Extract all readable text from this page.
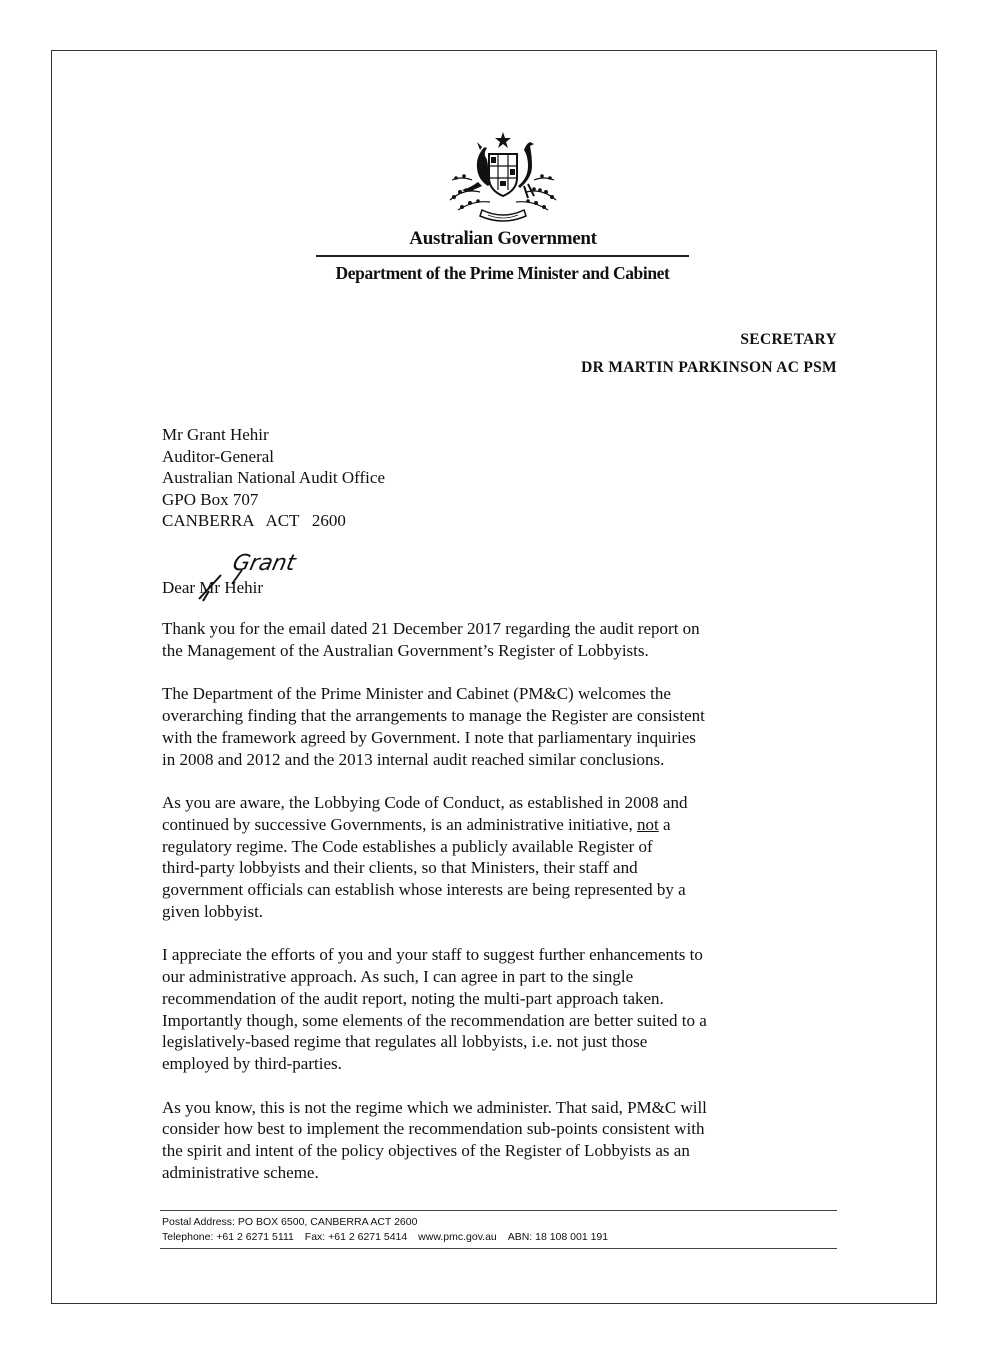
Australian Government
Department of the Prime Minister and Cabinet
SECRETARY
DR MARTIN PARKINSON AC PSM
Mr Grant Hehir
Auditor-General
Australian National Audit Office
GPO Box 707
CANBERRA   ACT   2600
Grant
Dear Mr Hehir
Thank you for the email dated 21 December 2017 regarding the audit report on
the Management of the Australian Government’s Register of Lobbyists.
The Department of the Prime Minister and Cabinet (PM&C) welcomes the
overarching finding that the arrangements to manage the Register are consistent
with the framework agreed by Government. I note that parliamentary inquiries
in 2008 and 2012 and the 2013 internal audit reached similar conclusions.
As you are aware, the Lobbying Code of Conduct, as established in 2008 and
continued by successive Governments, is an administrative initiative, not a
regulatory regime. The Code establishes a publicly available Register of
third-party lobbyists and their clients, so that Ministers, their staff and
government officials can establish whose interests are being represented by a
given lobbyist.
I appreciate the efforts of you and your staff to suggest further enhancements to
our administrative approach. As such, I can agree in part to the single
recommendation of the audit report, noting the multi-part approach taken.
Importantly though, some elements of the recommendation are better suited to a
legislatively-based regime that regulates all lobbyists, i.e. not just those
employed by third-parties.
As you know, this is not the regime which we administer. That said, PM&C will
consider how best to implement the recommendation sub-points consistent with
the spirit and intent of the policy objectives of the Register of Lobbyists as an
administrative scheme.
Postal Address: PO BOX 6500, CANBERRA ACT 2600
Telephone: +61 2 6271 5111 Fax: +61 2 6271 5414 www.pmc.gov.au ABN: 18 108 001 191
